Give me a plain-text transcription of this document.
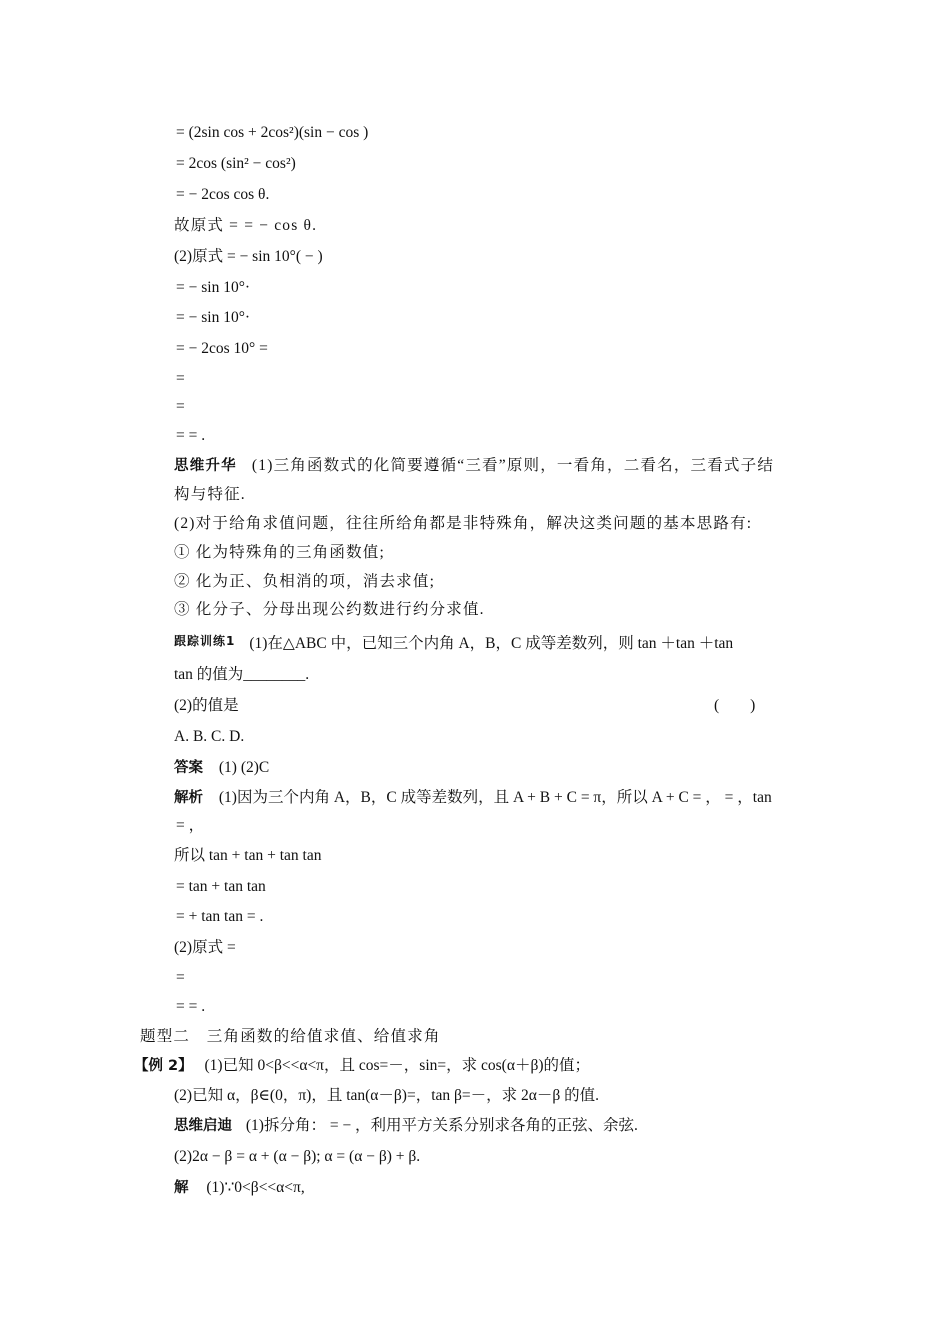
= (2sin cos + 2cos²)(sin − cos )
= 2cos (sin² − cos²)
= − 2cos cos θ.
故原式 = = − cos θ.
(2)原式 = − sin 10°( − )
= − sin 10°·
= − sin 10°·
= − 2cos 10° =
=
=
= = .
思维升华 (1)三角函数式的化简要遵循“三看”原则，一看角，二看名，三看式子结
构与特征.
(2)对于给角求值问题，往往所给角都是非特殊角，解决这类问题的基本思路有:
① 化为特殊角的三角函数值;
② 化为正、负相消的项，消去求值;
③ 化分子、分母出现公约数进行约分求值.
跟踪训练1 (1)在△ABC 中，已知三个内角 A，B，C 成等差数列，则 tan ＋tan ＋tan
tan 的值为________.
(2)的值是	(　　)
A. B. C. D.
答案 (1) (2)C
解析 (1)因为三个内角 A，B，C 成等差数列，且 A + B + C = π，所以 A + C = ， = ，tan
= ，
所以 tan + tan + tan tan
= tan + tan tan
= + tan tan = .
(2)原式 =
=
= = .
题型二　三角函数的给值求值、给值求角
【例 2】 (1)已知 0<β<<α<π，且 cos=－，sin=，求 cos(α＋β)的值；
(2)已知 α，β∈(0，π)，且 tan(α－β)=，tan β=－，求 2α－β 的值.
思维启迪 (1)拆分角： = − ，利用平方关系分别求各角的正弦、余弦.
(2)2α − β = α + (α − β); α = (α − β) + β.
解 (1)∵0<β<<α<π,
